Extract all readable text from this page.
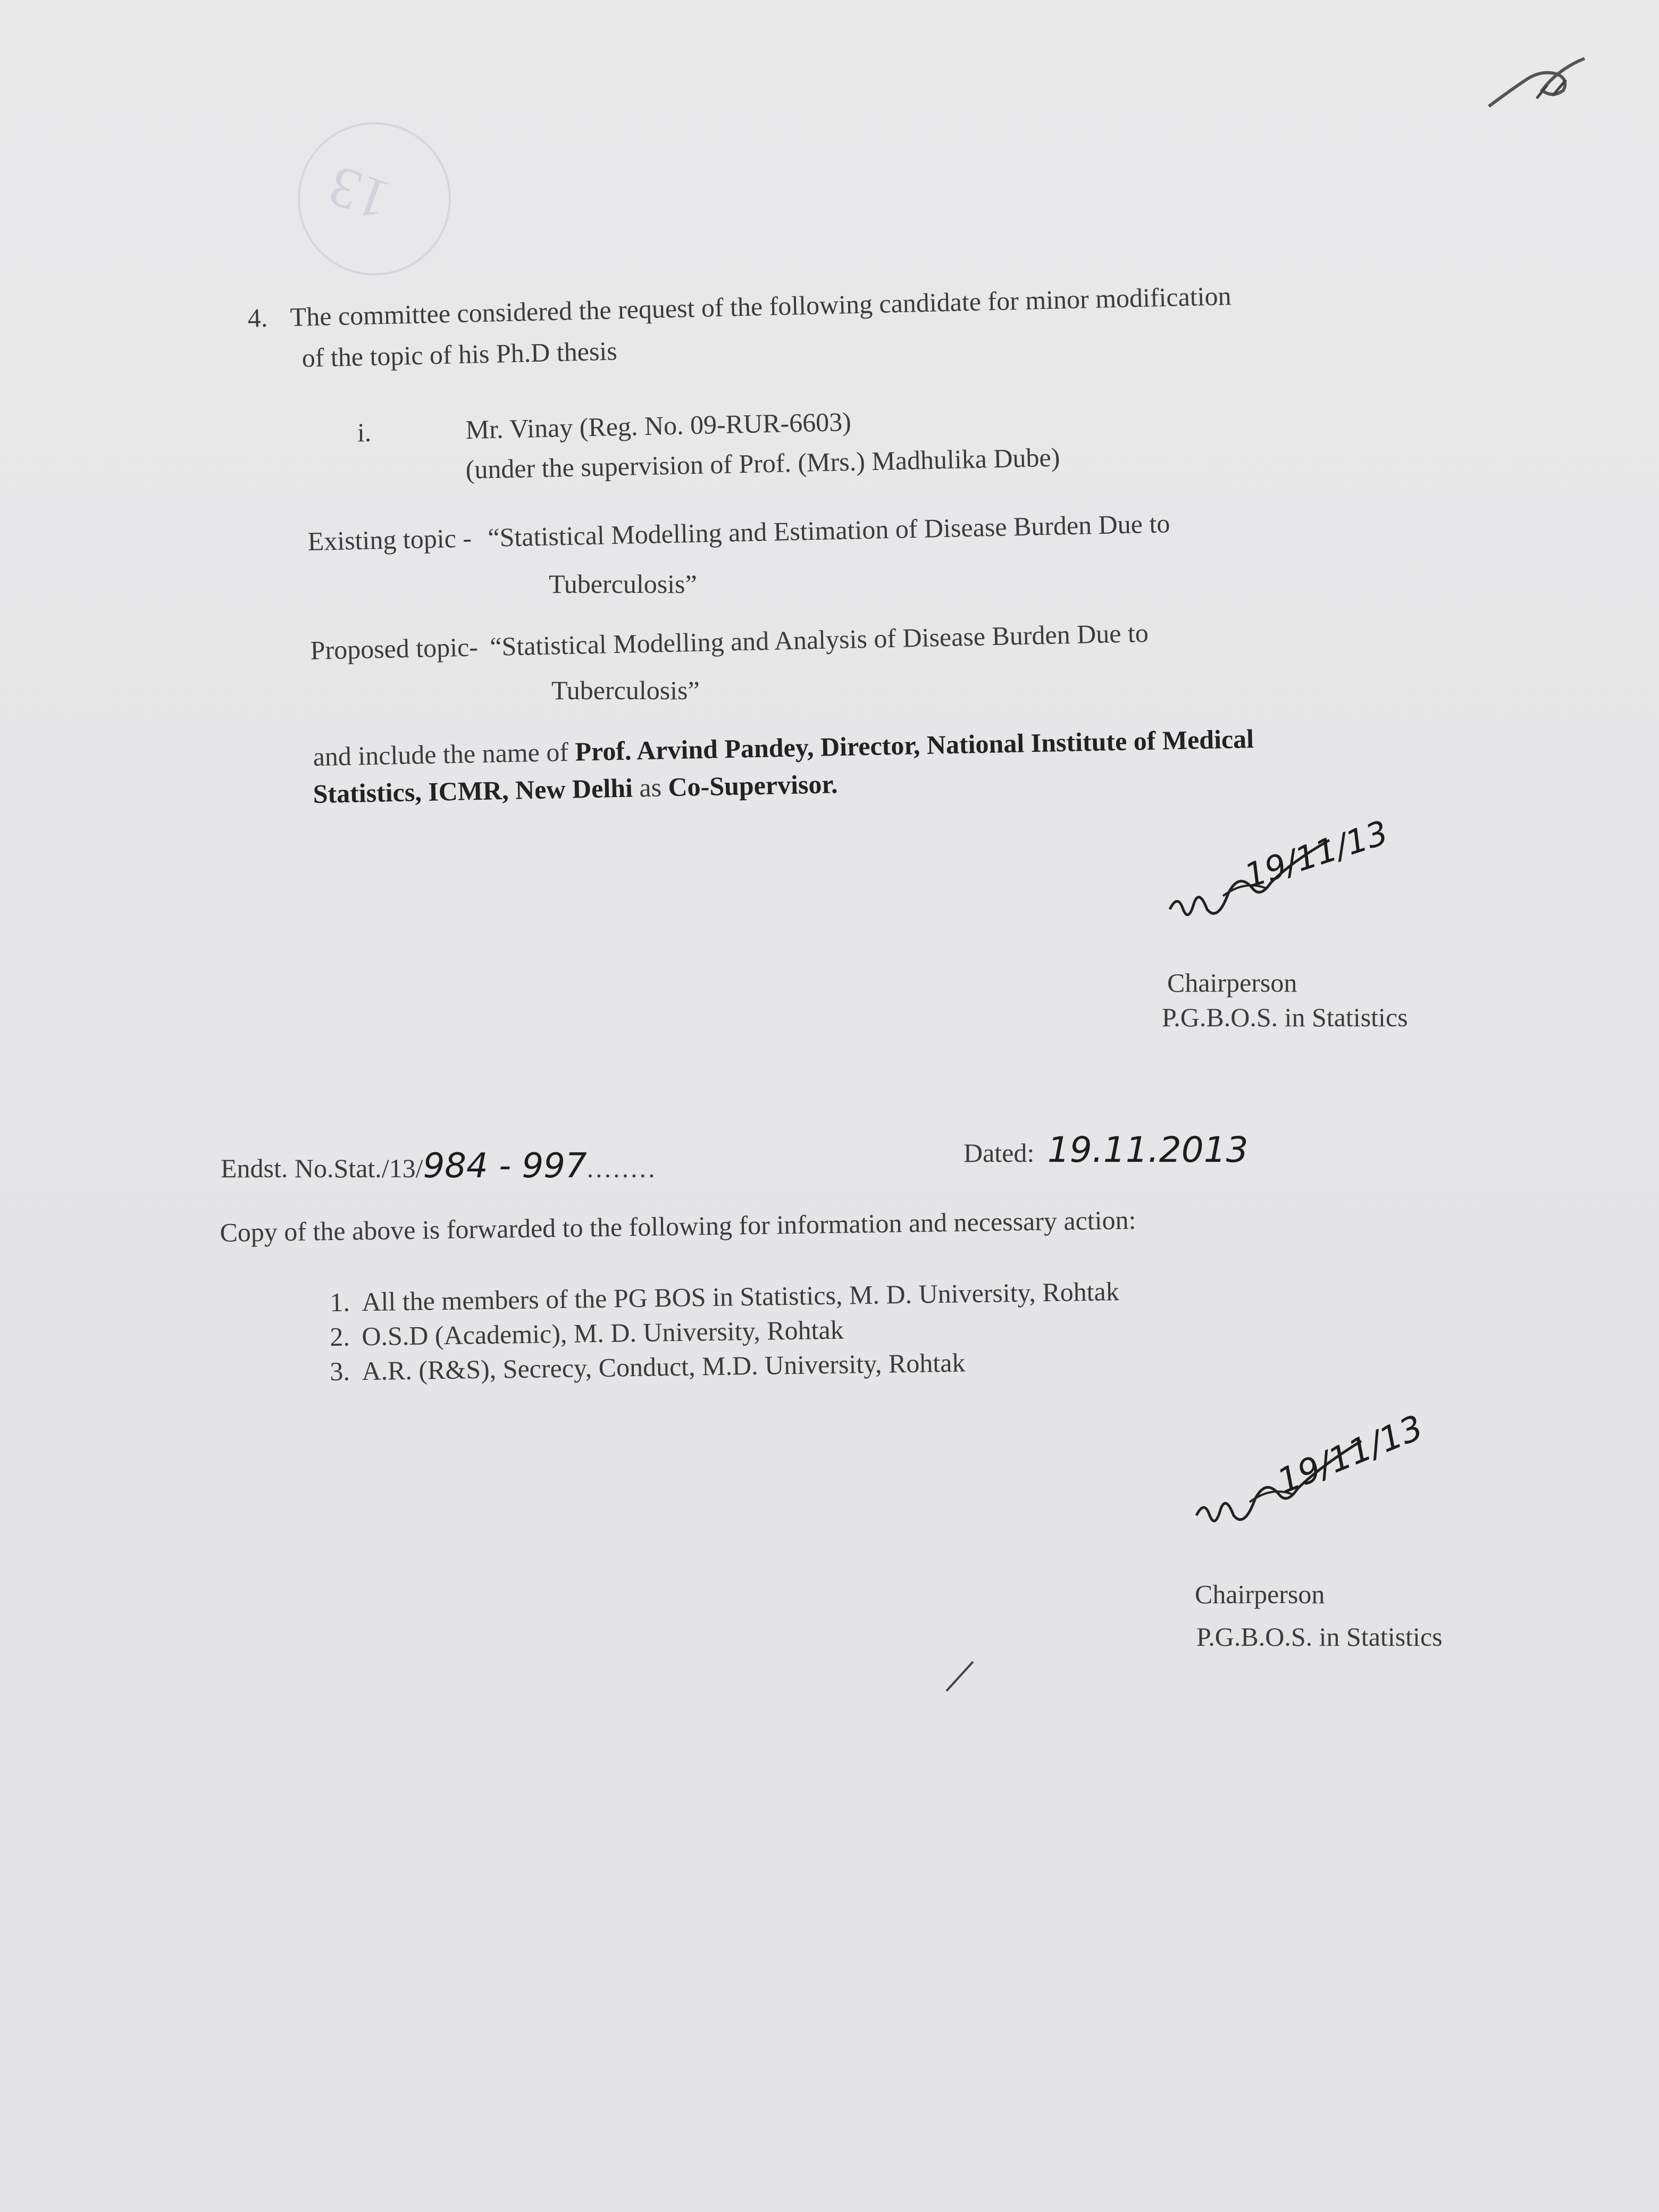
13
4. The committee considered the request of the following candidate for minor modification
of the topic of his Ph.D thesis
i.	Mr. Vinay (Reg. No. 09-RUR-6603)
(under the supervision of Prof. (Mrs.) Madhulika Dube)
Existing topic - “Statistical Modelling and Estimation of Disease Burden Due to
Tuberculosis”
Proposed topic- “Statistical Modelling and Analysis of Disease Burden Due to
Tuberculosis”
and include the name of Prof. Arvind Pandey, Director, National Institute of Medical
Statistics, ICMR, New Delhi as Co-Supervisor.
19/11/13
Chairperson
P.G.B.O.S. in Statistics
Endst. No.Stat./13/984 - 997........
Dated: 19.11.2013
Copy of the above is forwarded to the following for information and necessary action:
1. All the members of the PG BOS in Statistics, M. D. University, Rohtak
2. O.S.D (Academic), M. D. University, Rohtak
3. A.R. (R&S), Secrecy, Conduct, M.D. University, Rohtak
19/11/13
Chairperson
P.G.B.O.S. in Statistics
